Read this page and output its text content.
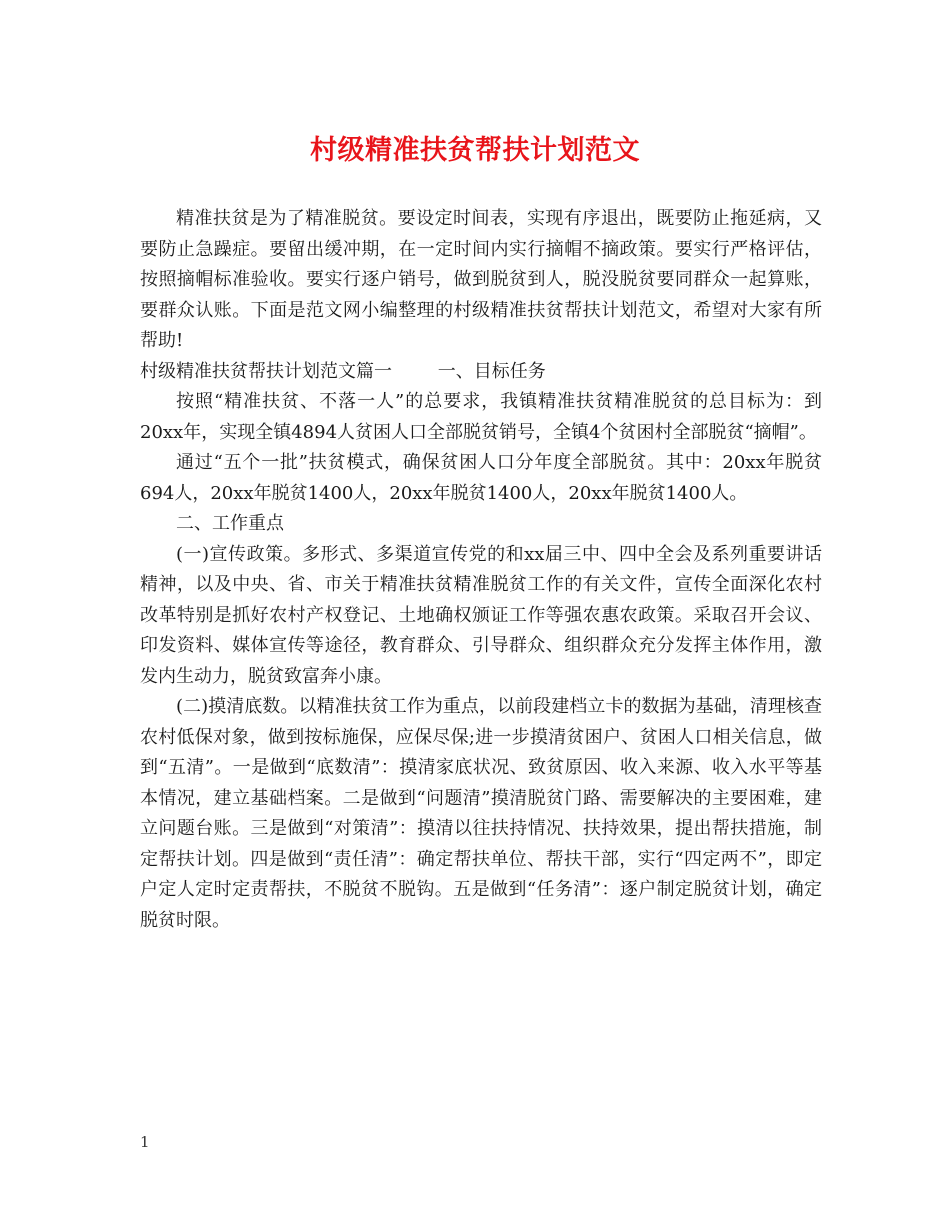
村级精准扶贫帮扶计划范文

精准扶贫是为了精准脱贫。要设定时间表，实现有序退出，既要防止拖延病，又要防止急躁症。要留出缓冲期，在一定时间内实行摘帽不摘政策。要实行严格评估，按照摘帽标准验收。要实行逐户销号，做到脱贫到人，脱没脱贫要同群众一起算账，要群众认账。下面是范文网小编整理的村级精准扶贫帮扶计划范文，希望对大家有所帮助!

村级精准扶贫帮扶计划范文篇一        一、目标任务

按照“精准扶贫、不落一人”的总要求，我镇精准扶贫精准脱贫的总目标为：到20xx年，实现全镇4894人贫困人口全部脱贫销号，全镇4个贫困村全部脱贫“摘帽”。

通过“五个一批”扶贫模式，确保贫困人口分年度全部脱贫。其中：20xx年脱贫694人，20xx年脱贫1400人，20xx年脱贫1400人，20xx年脱贫1400人。

二、工作重点

(一)宣传政策。多形式、多渠道宣传党的和xx届三中、四中全会及系列重要讲话精神，以及中央、省、市关于精准扶贫精准脱贫工作的有关文件，宣传全面深化农村改革特别是抓好农村产权登记、土地确权颁证工作等强农惠农政策。采取召开会议、印发资料、媒体宣传等途径，教育群众、引导群众、组织群众充分发挥主体作用，激发内生动力，脱贫致富奔小康。

(二)摸清底数。以精准扶贫工作为重点，以前段建档立卡的数据为基础，清理核查农村低保对象，做到按标施保，应保尽保;进一步摸清贫困户、贫困人口相关信息，做到“五清”。一是做到“底数清”：摸清家底状况、致贫原因、收入来源、收入水平等基本情况，建立基础档案。二是做到“问题清”摸清脱贫门路、需要解决的主要困难，建立问题台账。三是做到“对策清”：摸清以往扶持情况、扶持效果，提出帮扶措施，制定帮扶计划。四是做到“责任清”：确定帮扶单位、帮扶干部，实行“四定两不”，即定户定人定时定责帮扶，不脱贫不脱钩。五是做到“任务清”：逐户制定脱贫计划，确定脱贫时限。

1
